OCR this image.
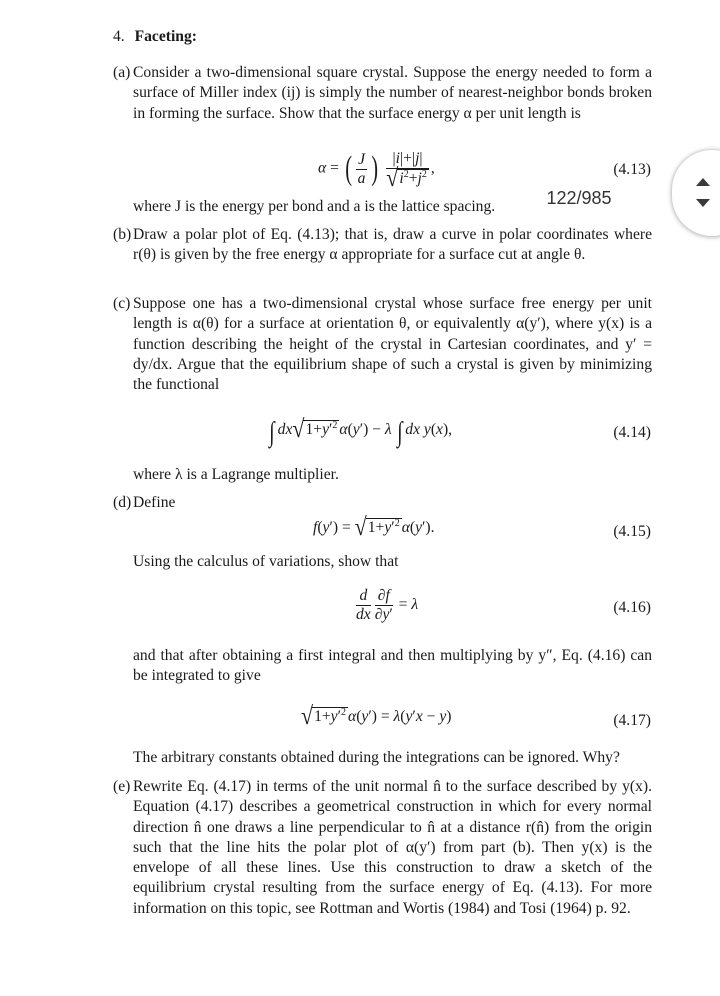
4. Faceting:
(a) Consider a two-dimensional square crystal. Suppose the energy needed to form a surface of Miller index (ij) is simply the number of nearest-neighbor bonds broken in forming the surface. Show that the surface energy α per unit length is
α = ( $\frac{J}{a}$ ) $\frac{|i|+|j|}{√i^2+j^2}$ ,	(4.13)
where J is the energy per bond and a is the lattice spacing.
(b) Draw a polar plot of Eq. (4.13); that is, draw a curve in polar coordinates where r(θ) is given by the free energy α appropriate for a surface cut at angle θ.
(c) Suppose one has a two-dimensional crystal whose surface free energy per unit length is α(θ) for a surface at orientation θ, or equivalently α(y′), where y(x) is a function describing the height of the crystal in Cartesian coordinates, and y′ = dy/dx. Argue that the equilibrium shape of such a crystal is given by minimizing the functional
∫ $dx√1+y'^2$ α(y′) − λ ∫ dx y(x),	(4.14)
where λ is a Lagrange multiplier.
(d) Define
$f(y') = √1+y'^2$ α(y′).	(4.15)
Using the calculus of variations, show that
$\frac{d}{dx} \frac{\partial f}{\partial y'} = \lambda$	(4.16)
and that after obtaining a first integral and then multiplying by y″, Eq. (4.16) can be integrated to give
$√1+y'^2$ α(y′) = λ(y′x − y)	(4.17)
The arbitrary constants obtained during the integrations can be ignored. Why?
(e) Rewrite Eq. (4.17) in terms of the unit normal n̂ to the surface described by y(x). Equation (4.17) describes a geometrical construction in which for every normal direction n̂ one draws a line perpendicular to n̂ at a distance r(n̂) from the origin such that the line hits the polar plot of α(y′) from part (b). Then y(x) is the envelope of all these lines. Use this construction to draw a sketch of the equilibrium crystal resulting from the surface energy of Eq. (4.13). For more information on this topic, see Rottman and Wortis (1984) and Tosi (1964) p. 92.
122/985
